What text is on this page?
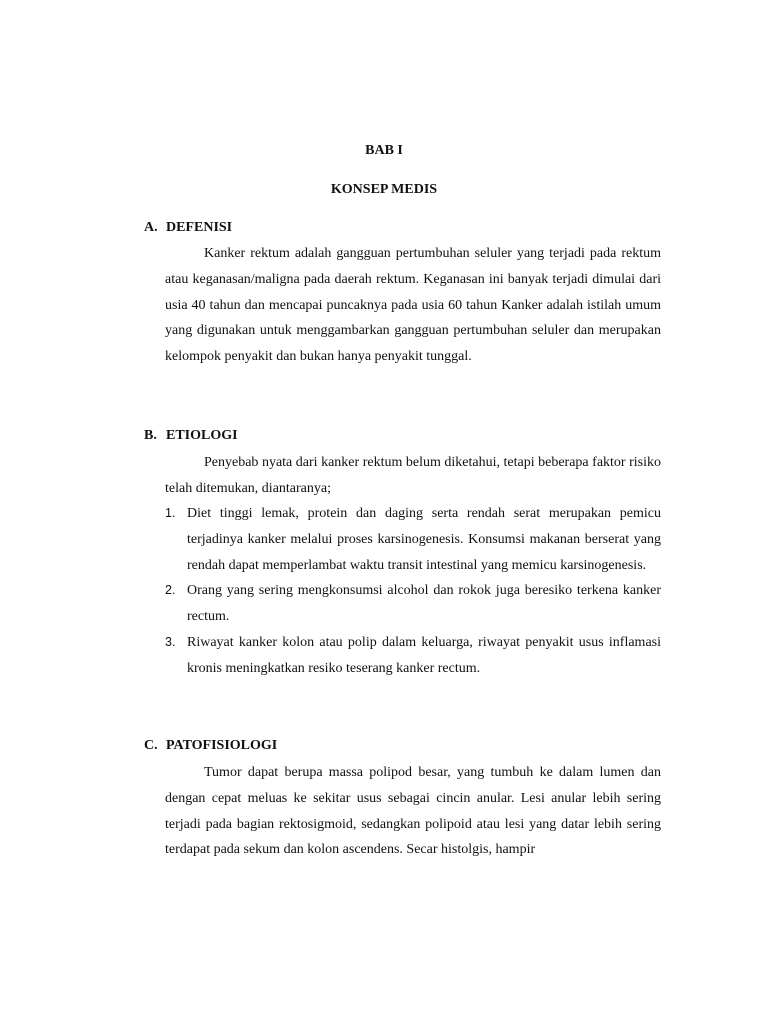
BAB I
KONSEP MEDIS
A. DEFENISI

Kanker rektum adalah gangguan pertumbuhan seluler yang terjadi pada rektum atau keganasan/maligna pada daerah rektum. Keganasan ini banyak terjadi dimulai dari usia 40 tahun dan mencapai puncaknya pada usia 60 tahun Kanker adalah istilah umum yang digunakan untuk menggambarkan gangguan pertumbuhan seluler dan merupakan kelompok penyakit dan bukan hanya penyakit tunggal.

B. ETIOLOGI

Penyebab nyata dari kanker rektum belum diketahui, tetapi beberapa faktor risiko telah ditemukan, diantaranya;

1. Diet tinggi lemak, protein dan daging serta rendah serat merupakan pemicu terjadinya kanker melalui proses karsinogenesis. Konsumsi makanan berserat yang rendah dapat memperlambat waktu transit intestinal yang memicu karsinogenesis.
2. Orang yang sering mengkonsumsi alcohol dan rokok juga beresiko terkena kanker rectum.
3. Riwayat kanker kolon atau polip dalam keluarga, riwayat penyakit usus inflamasi kronis meningkatkan resiko teserang kanker rectum.
C. PATOFISIOLOGI

Tumor dapat berupa massa polipod besar, yang tumbuh ke dalam lumen dan dengan cepat meluas ke sekitar usus sebagai cincin anular. Lesi anular lebih sering terjadi pada bagian rektosigmoid, sedangkan polipoid atau lesi yang datar lebih sering terdapat pada sekum dan kolon ascendens. Secar histolgis, hampir
